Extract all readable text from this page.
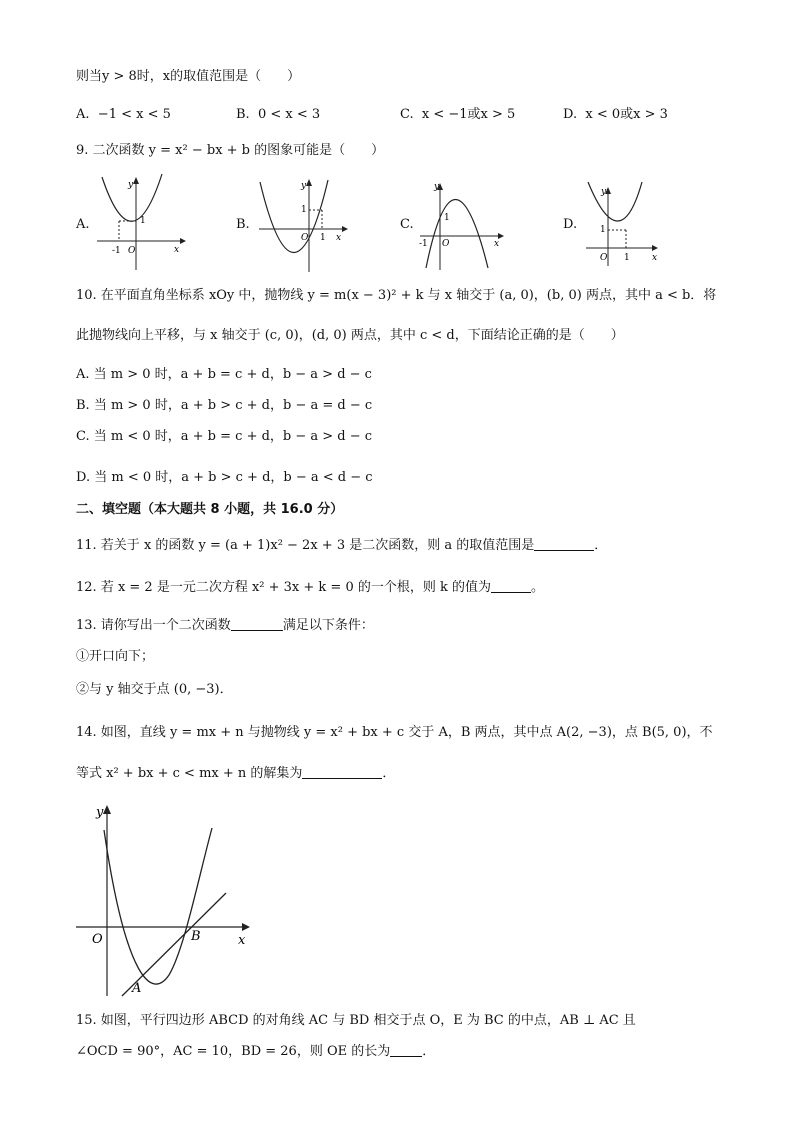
则当y > 8时，x的取值范围是（　　）
A. −1 < x < 5	B. 0 < x < 3	C. x < −1或x > 5	D. x < 0或x > 3
9. 二次函数 y = x² − bx + b 的图象可能是（　　）
A.
y
1
-1 O	x
B.
y
1
O 1 x
C.
y
1
-1 O	x
D.
y
1
O 1 x
10. 在平面直角坐标系 xOy 中，抛物线 y = m(x − 3)² + k 与 x 轴交于 (a, 0)，(b, 0) 两点，其中 a < b．将
此抛物线向上平移，与 x 轴交于 (c, 0)，(d, 0) 两点，其中 c < d，下面结论正确的是（　　）
A. 当 m > 0 时，a + b = c + d，b − a > d − c
B. 当 m > 0 时，a + b > c + d，b − a = d − c
C. 当 m < 0 时，a + b = c + d，b − a > d − c
D. 当 m < 0 时，a + b > c + d，b − a < d − c
二、填空题（本大题共 8 小题，共 16.0 分）
11. 若关于 x 的函数 y = (a + 1)x² − 2x + 3 是二次函数，则 a 的取值范围是	．
12. 若 x = 2 是一元二次方程 x² + 3x + k = 0 的一个根，则 k 的值为	。
13. 请你写出一个二次函数	满足以下条件：
①开口向下；
②与 y 轴交于点 (0, −3)．
14. 如图，直线 y = mx + n 与抛物线 y = x² + bx + c 交于 A，B 两点，其中点 A(2, −3)，点 B(5, 0)，不
等式 x² + bx + c < mx + n 的解集为	．
y
x
O
A
B
15. 如图，平行四边形 ABCD 的对角线 AC 与 BD 相交于点 O，E 为 BC 的中点，AB ⊥ AC 且
∠OCD = 90°，AC = 10，BD = 26，则 OE 的长为 ．
